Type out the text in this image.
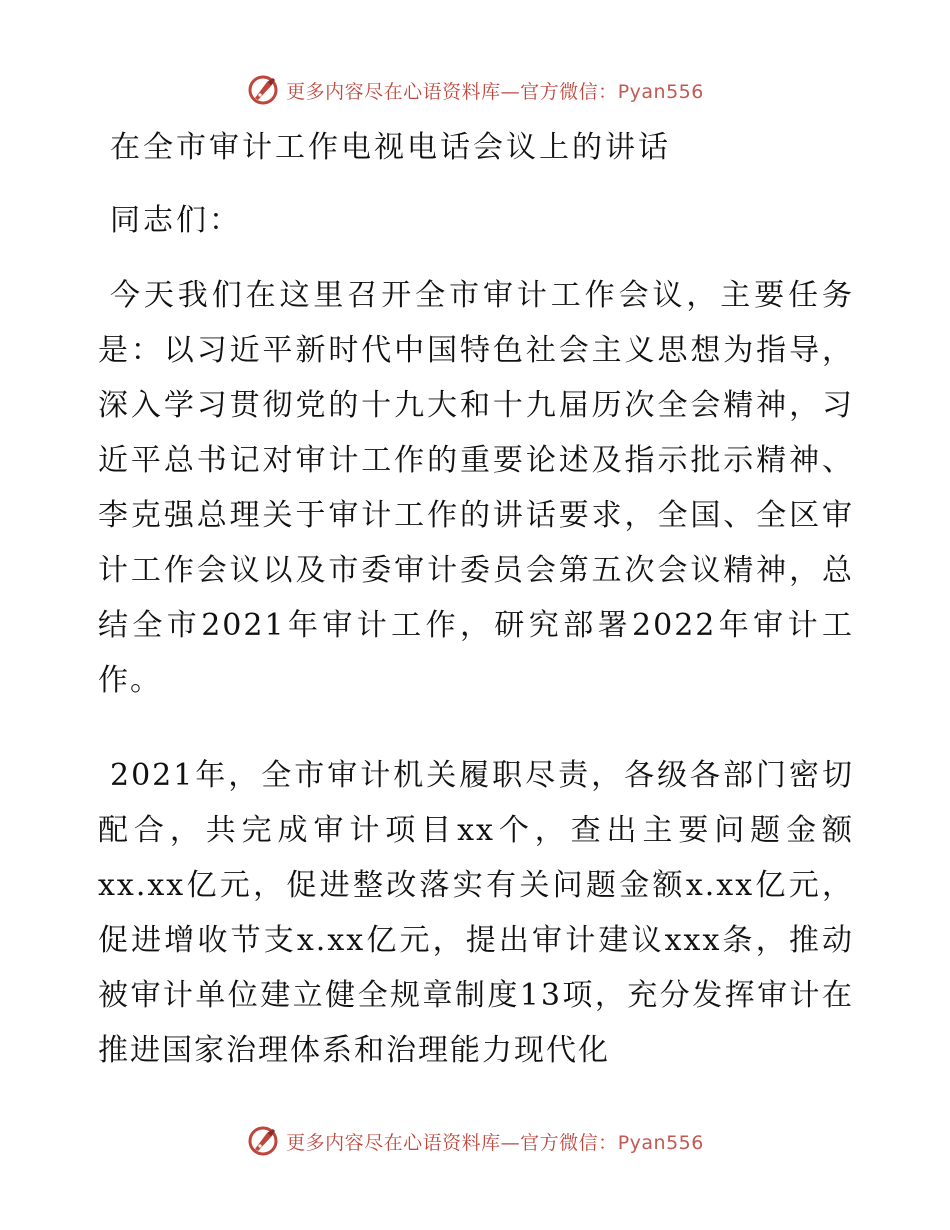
更多内容尽在心语资料库—官方微信：Pyan556
在全市审计工作电视电话会议上的讲话
同志们：
今天我们在这里召开全市审计工作会议，主要任务是：以习近平新时代中国特色社会主义思想为指导，深入学习贯彻党的十九大和十九届历次全会精神，习近平总书记对审计工作的重要论述及指示批示精神、李克强总理关于审计工作的讲话要求，全国、全区审计工作会议以及市委审计委员会第五次会议精神，总结全市2021年审计工作，研究部署2022年审计工作。
2021年，全市审计机关履职尽责，各级各部门密切配合，共完成审计项目xx个，查出主要问题金额xx.xx亿元，促进整改落实有关问题金额x.xx亿元，促进增收节支x.xx亿元，提出审计建议xxx条，推动被审计单位建立健全规章制度13项，充分发挥审计在推进国家治理体系和治理能力现代化
更多内容尽在心语资料库—官方微信：Pyan556
